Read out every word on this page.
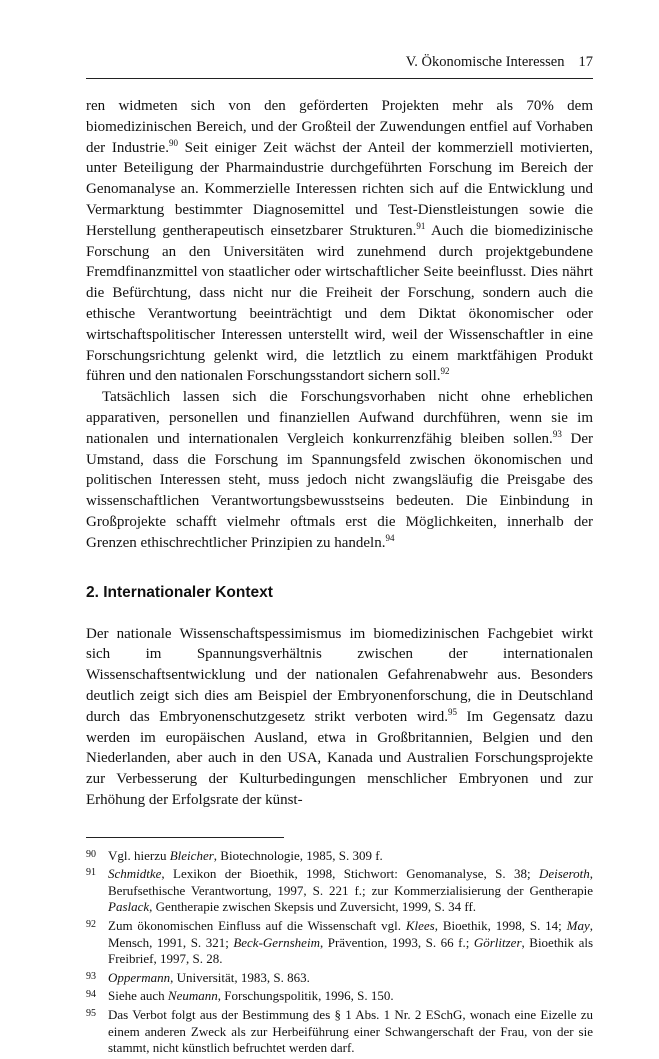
V. Ökonomische Interessen 17

ren widmeten sich von den geförderten Projekten mehr als 70% dem biomedizinischen Bereich, und der Großteil der Zuwendungen entfiel auf Vorhaben der Industrie.$^{90}$ Seit einiger Zeit wächst der Anteil der kommerziell motivierten, unter Beteiligung der Pharmaindustrie durchgeführten Forschung im Bereich der Genomanalyse an. Kommerzielle Interessen richten sich auf die Entwicklung und Vermarktung bestimmter Diagnosemittel und Test-Dienstleistungen sowie die Herstellung gentherapeutisch einsetzbarer Strukturen.$^{91}$ Auch die biomedizinische Forschung an den Universitäten wird zunehmend durch projektgebundene Fremdfinanzmittel von staatlicher oder wirtschaftlicher Seite beeinflusst. Dies nährt die Befürchtung, dass nicht nur die Freiheit der Forschung, sondern auch die ethische Verantwortung beeinträchtigt und dem Diktat ökonomischer oder wirtschaftspolitischer Interessen unterstellt wird, weil der Wissenschaftler in eine Forschungsrichtung gelenkt wird, die letztlich zu einem marktfähigen Produkt führen und den nationalen Forschungsstandort sichern soll.$^{92}$

Tatsächlich lassen sich die Forschungsvorhaben nicht ohne erheblichen apparativen, personellen und finanziellen Aufwand durchführen, wenn sie im nationalen und internationalen Vergleich konkurrenzfähig bleiben sollen.$^{93}$ Der Umstand, dass die Forschung im Spannungsfeld zwischen ökonomischen und politischen Interessen steht, muss jedoch nicht zwangsläufig die Preisgabe des wissenschaftlichen Verantwortungsbewusstseins bedeuten. Die Einbindung in Großprojekte schafft vielmehr oftmals erst die Möglichkeiten, innerhalb der Grenzen ethischrechtlicher Prinzipien zu handeln.$^{94}$

2. Internationaler Kontext

Der nationale Wissenschaftspessimismus im biomedizinischen Fachgebiet wirkt sich im Spannungsverhältnis zwischen der internationalen Wissenschaftsentwicklung und der nationalen Gefahrenabwehr aus. Besonders deutlich zeigt sich dies am Beispiel der Embryonenforschung, die in Deutschland durch das Embryonenschutzgesetz strikt verboten wird.$^{95}$ Im Gegensatz dazu werden im europäischen Ausland, etwa in Großbritannien, Belgien und den Niederlanden, aber auch in den USA, Kanada und Australien Forschungsprojekte zur Verbesserung der Kulturbedingungen menschlicher Embryonen und zur Erhöhung der Erfolgsrate der künst-

90 Vgl. hierzu Bleicher, Biotechnologie, 1985, S. 309 f.
91 Schmidtke, Lexikon der Bioethik, 1998, Stichwort: Genomanalyse, S. 38; Deiseroth, Berufsethische Verantwortung, 1997, S. 221 f.; zur Kommerzialisierung der Gentherapie Paslack, Gentherapie zwischen Skepsis und Zuversicht, 1999, S. 34 ff.
92 Zum ökonomischen Einfluss auf die Wissenschaft vgl. Klees, Bioethik, 1998, S. 14; May, Mensch, 1991, S. 321; Beck-Gernsheim, Prävention, 1993, S. 66 f.; Görlitzer, Bioethik als Freibrief, 1997, S. 28.
93 Oppermann, Universität, 1983, S. 863.
94 Siehe auch Neumann, Forschungspolitik, 1996, S. 150.
95 Das Verbot folgt aus der Bestimmung des § 1 Abs. 1 Nr. 2 ESchG, wonach eine Eizelle zu einem anderen Zweck als zur Herbeiführung einer Schwangerschaft der Frau, von der sie stammt, nicht künstlich befruchtet werden darf.
